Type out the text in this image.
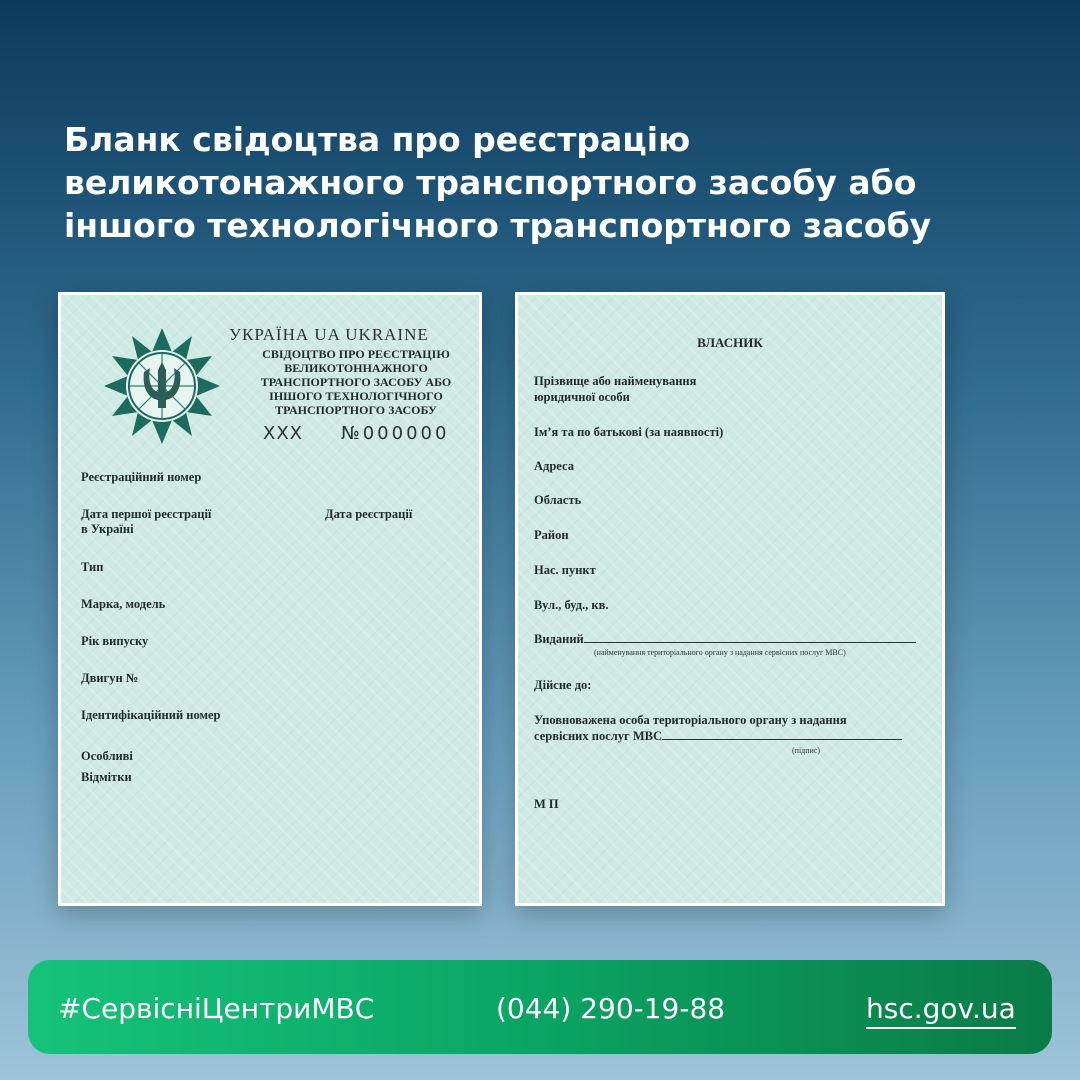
Бланк свідоцтва про реєстрацію
великотонажного транспортного засобу або
іншого технологічного транспортного засобу
УКРАЇНА UA UKRAINE
СВІДОЦТВО ПРО РЕЄСТРАЦІЮ
ВЕЛИКОТОННАЖНОГО
ТРАНСПОРТНОГО ЗАСОБУ АБО
ІНШОГО ТЕХНОЛОГІЧНОГО
ТРАНСПОРТНОГО ЗАСОБУ
XXX №000000
Реєстраційний номер
Дата першої реєстрації
в Україні
Дата реєстрації
Тип
Марка, модель
Рік випуску
Двигун №
Ідентифікаційний номер
Особливі
Відмітки
ВЛАСНИК
Прізвище або найменування
юридичної особи
Ім’я та по батькові (за наявності)
Адреса
Область
Район
Нас. пункт
Вул., буд., кв.
Виданий
(найменування територіального органу з надання сервісних послуг МВС)
Дійсне до:
Уповноважена особа територіального органу з надання
сервісних послуг МВС
(підпис)
М П
#СервісніЦентриМВС	(044) 290-19-88	hsc.gov.ua
